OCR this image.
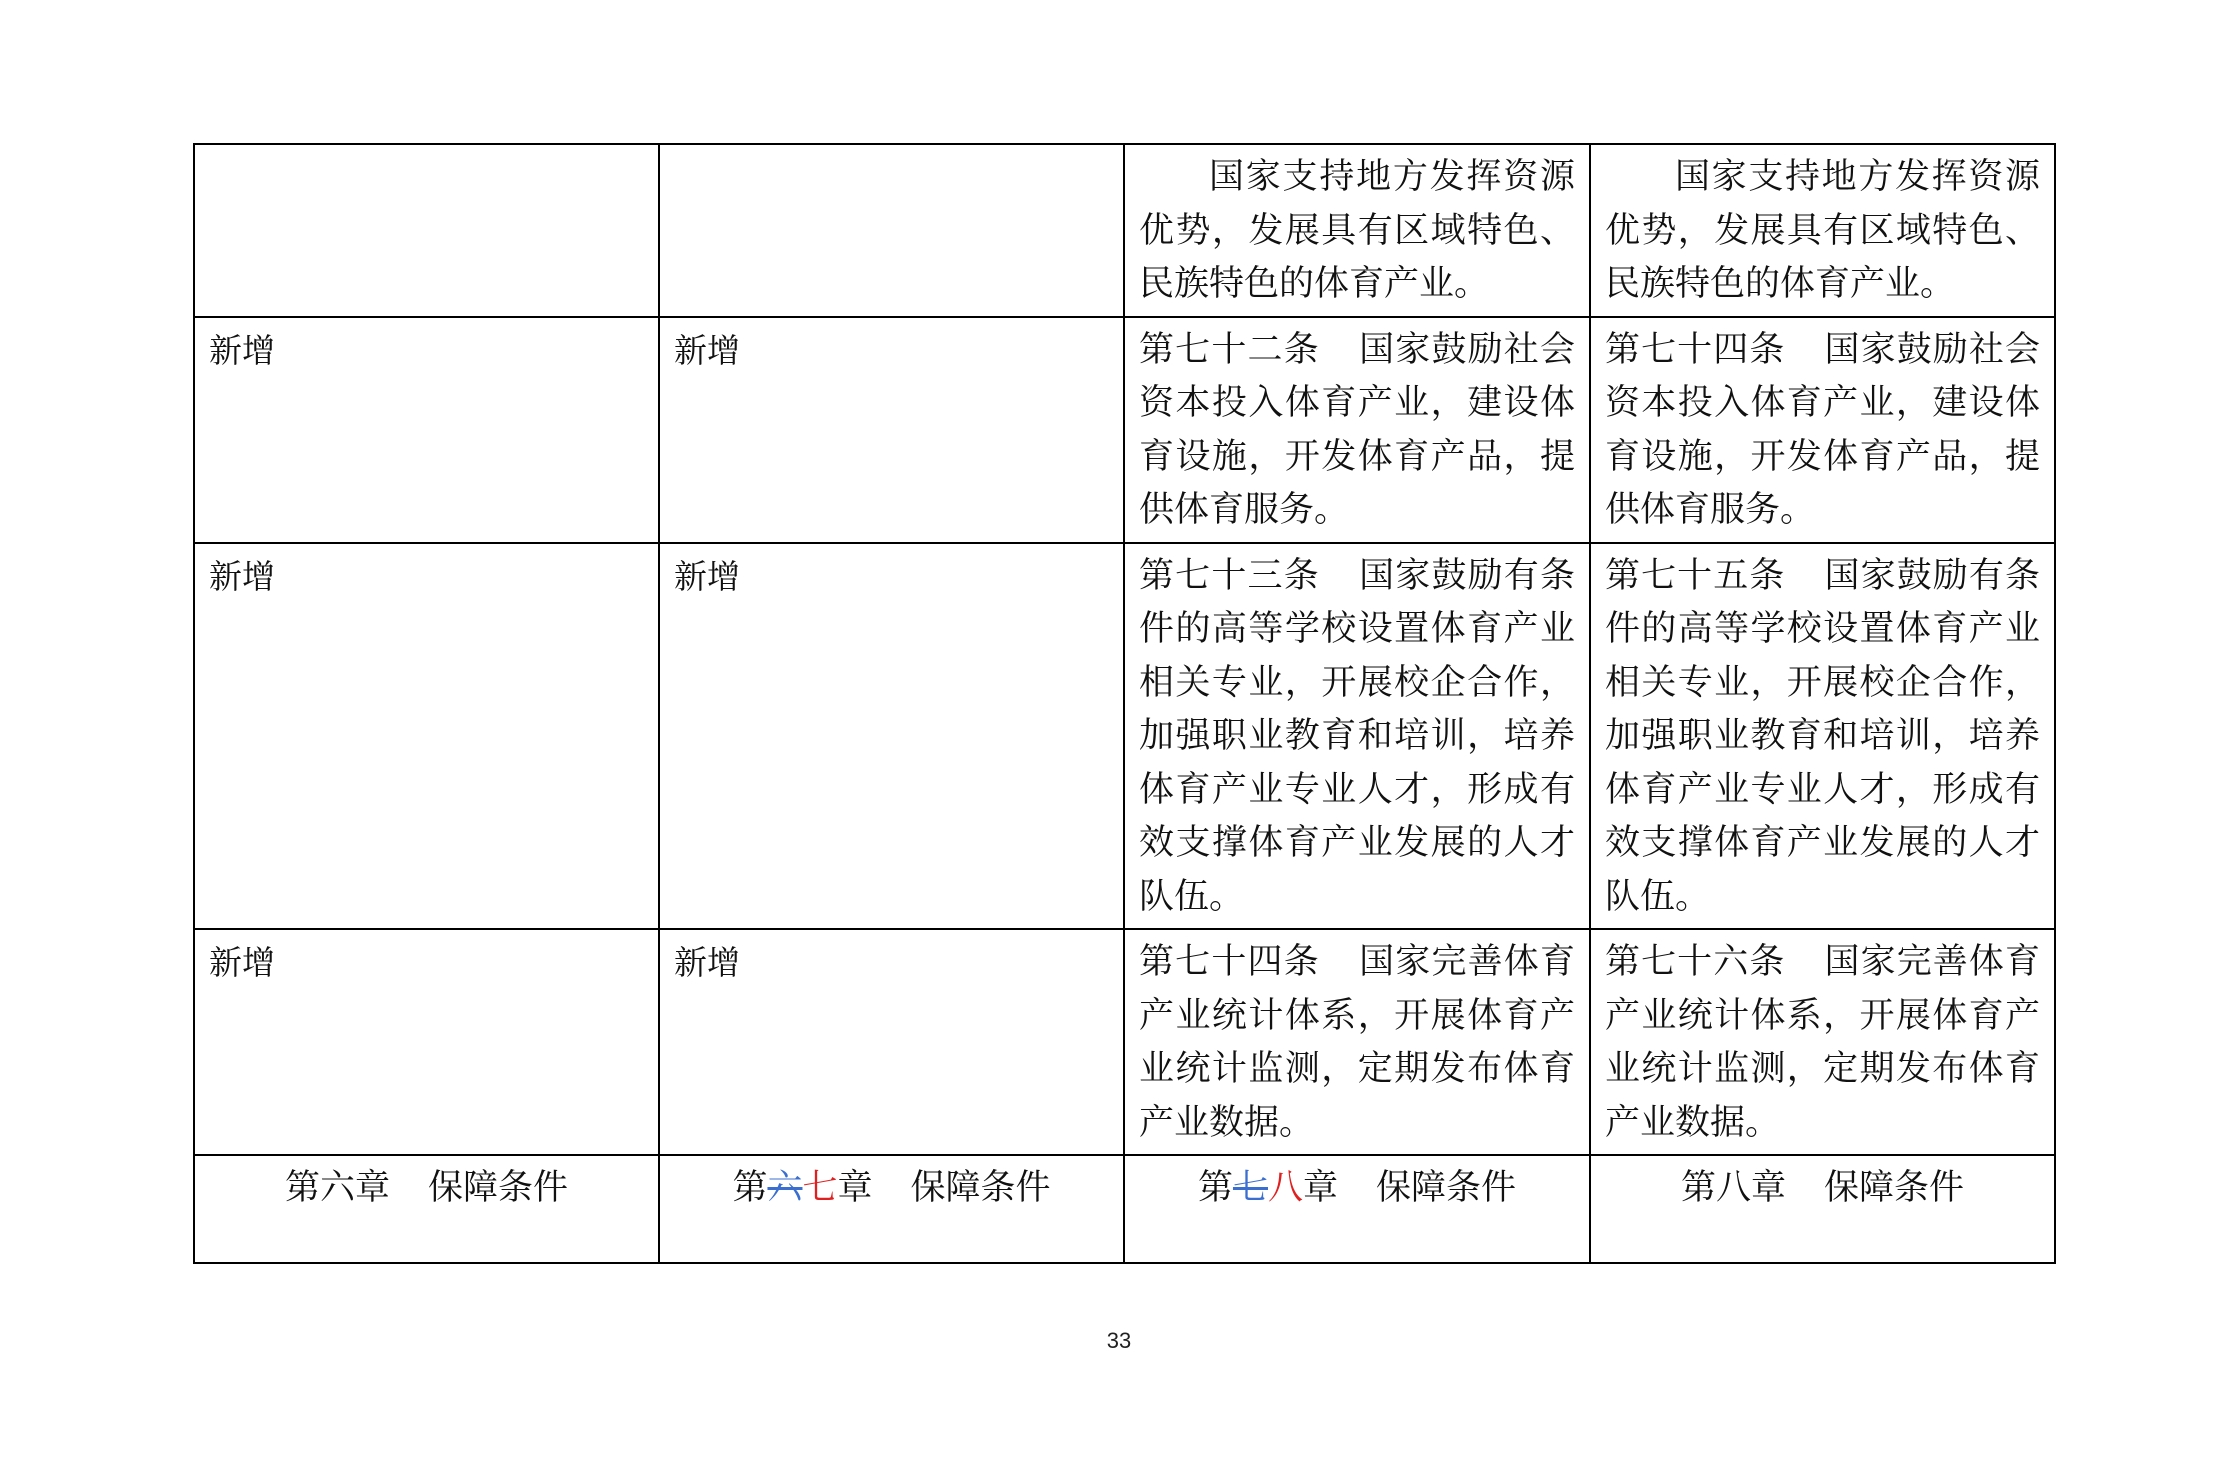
		国家支持地方发挥资源优势，发展具有区域特色、民族特色的体育产业。	国家支持地方发挥资源优势，发展具有区域特色、民族特色的体育产业。
新增	新增	第七十二条 国家鼓励社会资本投入体育产业，建设体育设施，开发体育产品，提供体育服务。	第七十四条 国家鼓励社会资本投入体育产业，建设体育设施，开发体育产品，提供体育服务。
新增	新增	第七十三条 国家鼓励有条件的高等学校设置体育产业相关专业，开展校企合作，加强职业教育和培训，培养体育产业专业人才，形成有效支撑体育产业发展的人才队伍。	第七十五条 国家鼓励有条件的高等学校设置体育产业相关专业，开展校企合作，加强职业教育和培训，培养体育产业专业人才，形成有效支撑体育产业发展的人才队伍。
新增	新增	第七十四条 国家完善体育产业统计体系，开展体育产业统计监测，定期发布体育产业数据。	第七十六条 国家完善体育产业统计体系，开展体育产业统计监测，定期发布体育产业数据。
第六章 保障条件	第六七章 保障条件	第七八章 保障条件	第八章 保障条件
33
